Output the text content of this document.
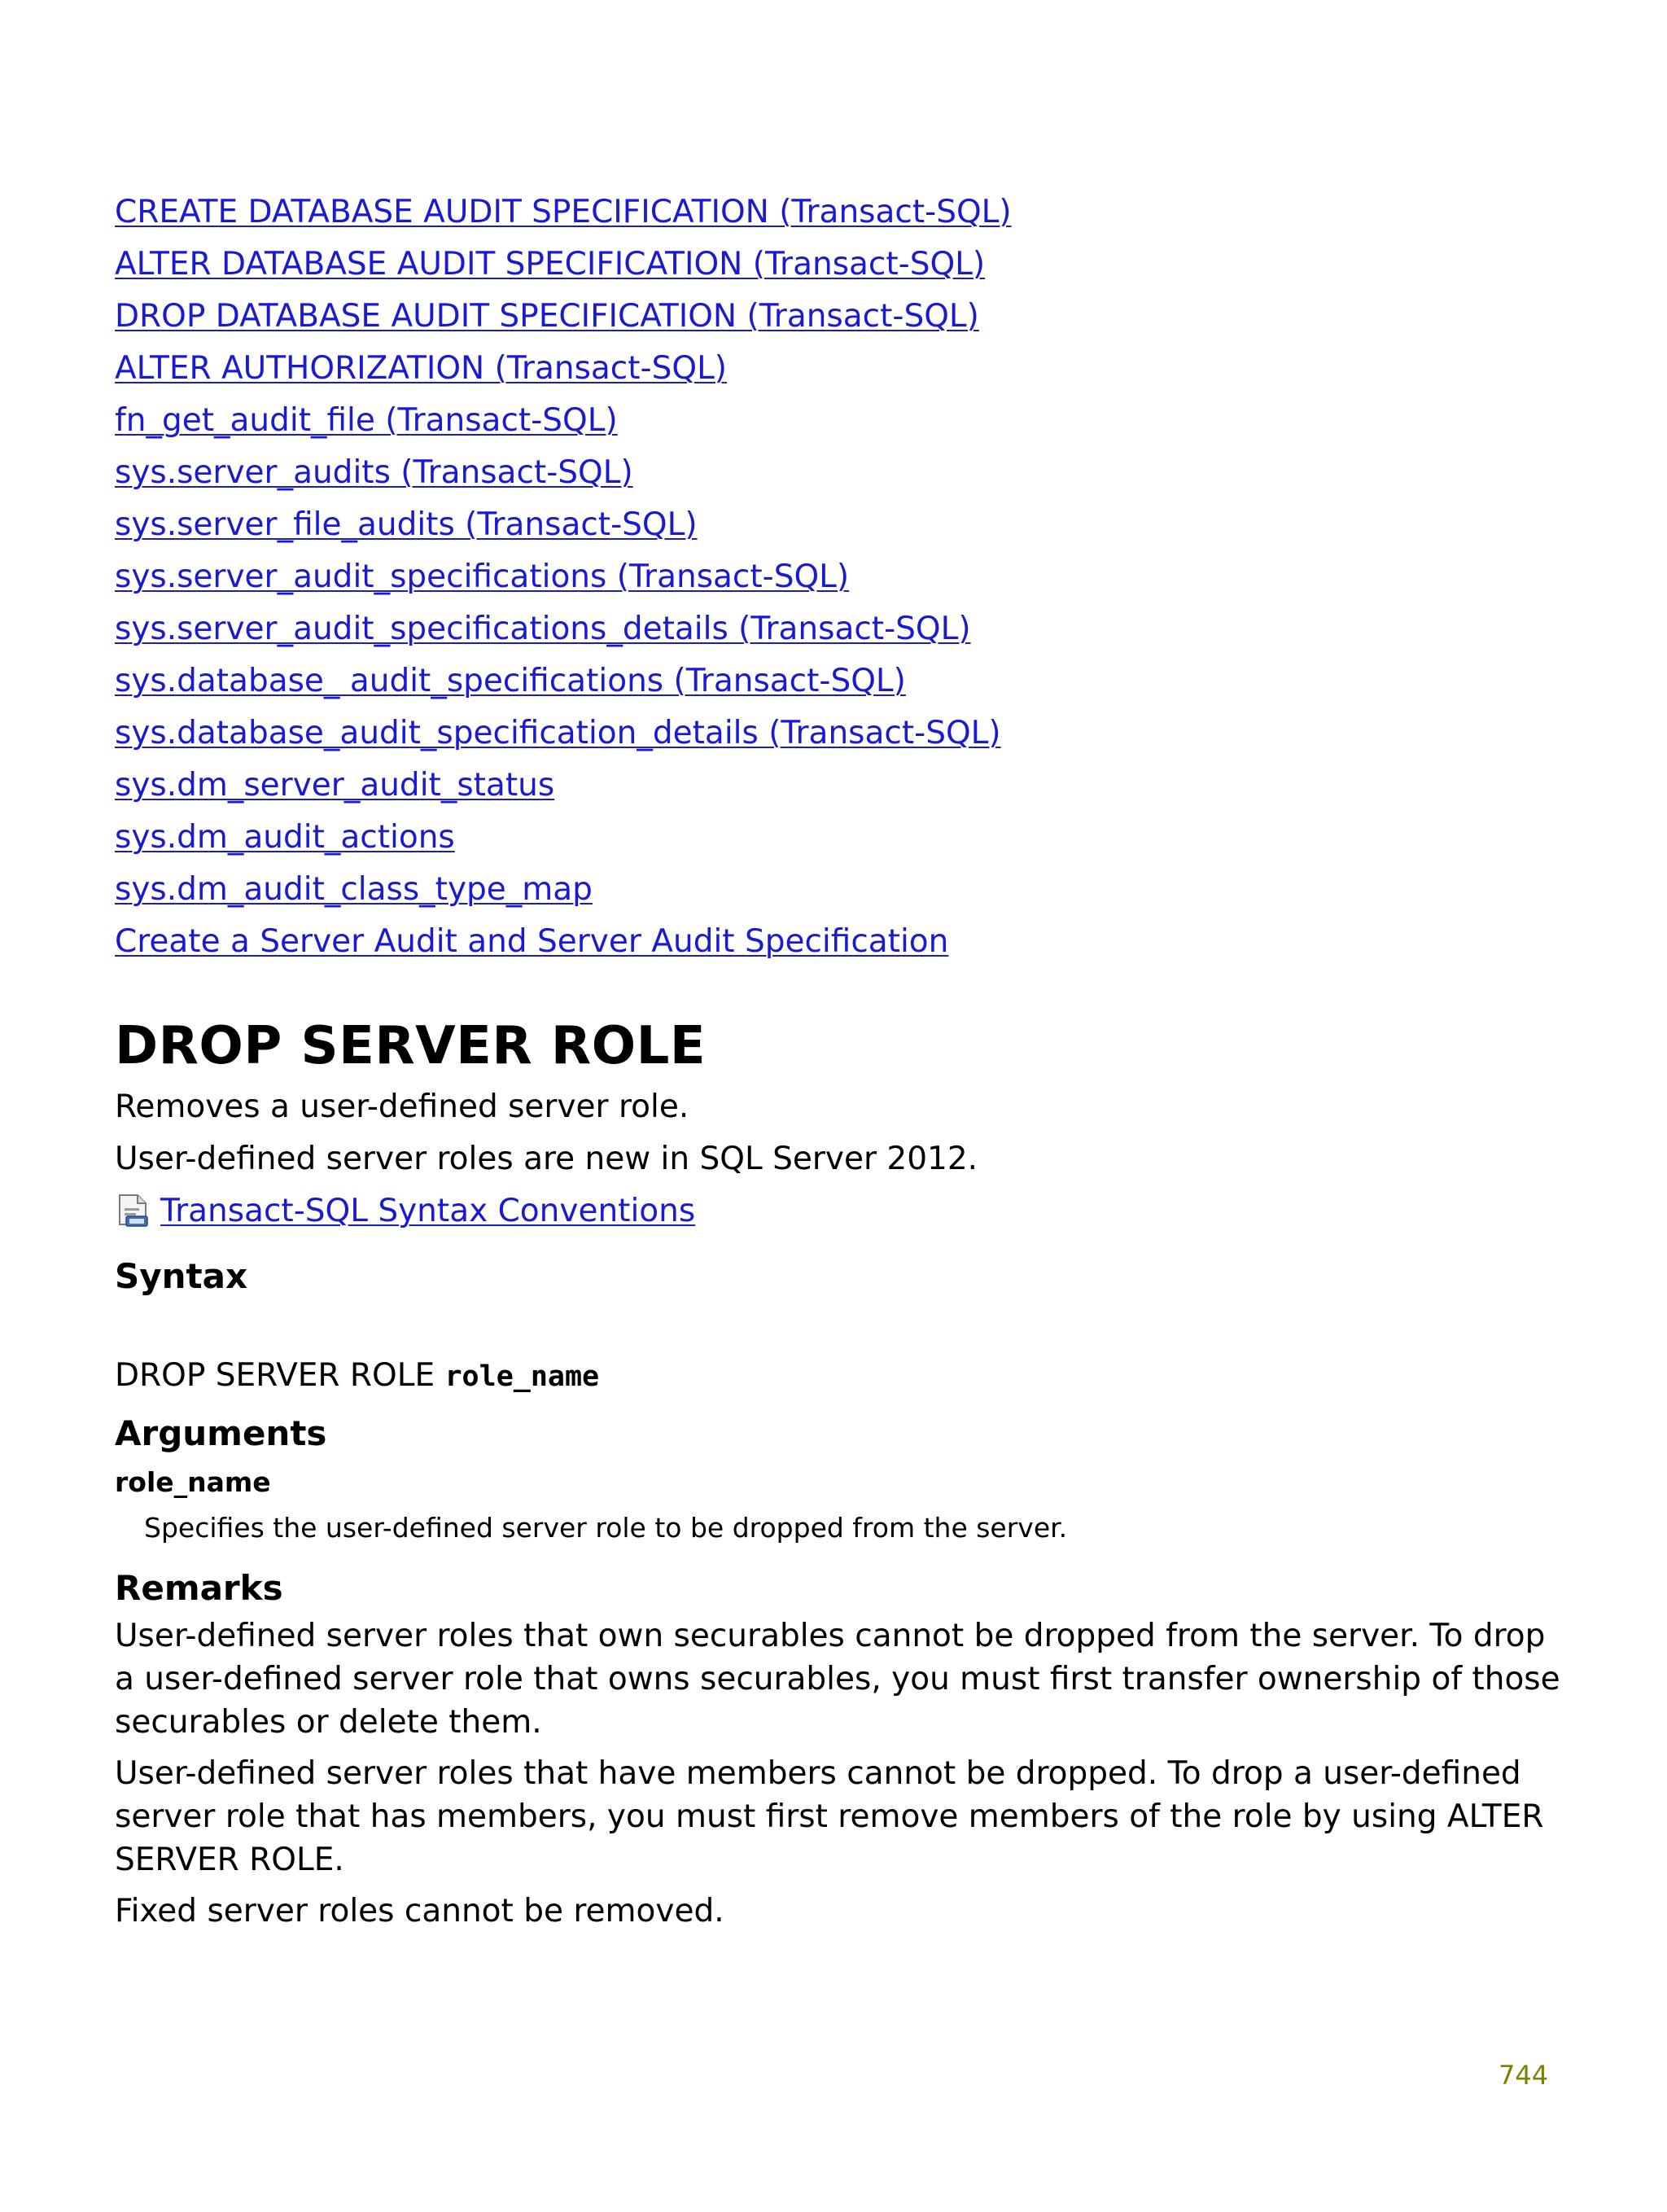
CREATE DATABASE AUDIT SPECIFICATION (Transact-SQL)
ALTER DATABASE AUDIT SPECIFICATION (Transact-SQL)
DROP DATABASE AUDIT SPECIFICATION (Transact-SQL)
ALTER AUTHORIZATION (Transact-SQL)
fn_get_audit_file (Transact-SQL)
sys.server_audits (Transact-SQL)
sys.server_file_audits (Transact-SQL)
sys.server_audit_specifications (Transact-SQL)
sys.server_audit_specifications_details (Transact-SQL)
sys.database_ audit_specifications (Transact-SQL)
sys.database_audit_specification_details (Transact-SQL)
sys.dm_server_audit_status
sys.dm_audit_actions
sys.dm_audit_class_type_map
Create a Server Audit and Server Audit Specification
DROP SERVER ROLE

Removes a user-defined server role.

User-defined server roles are new in SQL Server 2012.

Transact-SQL Syntax Conventions
Syntax
DROP SERVER ROLE role_name
Arguments
role_name

Specifies the user-defined server role to be dropped from the server.

Remarks

User-defined server roles that own securables cannot be dropped from the server. To drop a user-defined server role that owns securables, you must first transfer ownership of those securables or delete them.

User-defined server roles that have members cannot be dropped. To drop a user-defined server role that has members, you must first remove members of the role by using ALTER SERVER ROLE.

Fixed server roles cannot be removed.

744
